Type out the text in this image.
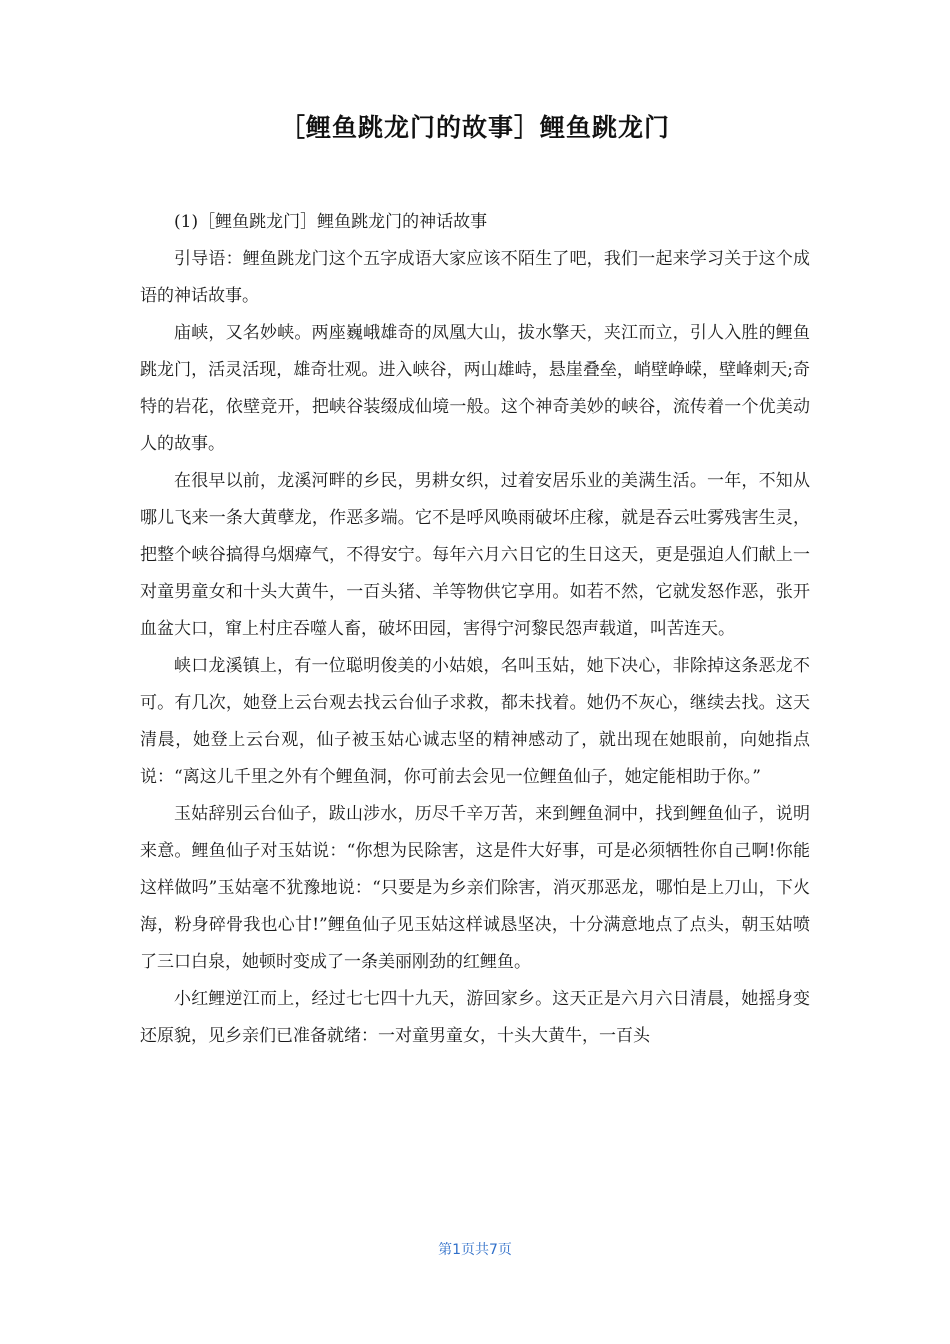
［鲤鱼跳龙门的故事］鲤鱼跳龙门

(1)［鲤鱼跳龙门］鲤鱼跳龙门的神话故事

引导语：鲤鱼跳龙门这个五字成语大家应该不陌生了吧，我们一起来学习关于这个成语的神话故事。

庙峡，又名妙峡。两座巍峨雄奇的凤凰大山，拔水擎天，夹江而立，引人入胜的鲤鱼跳龙门，活灵活现，雄奇壮观。进入峡谷，两山雄峙，悬崖叠垒，峭壁峥嵘，壁峰刺天;奇特的岩花，依壁竞开，把峡谷装缀成仙境一般。这个神奇美妙的峡谷，流传着一个优美动人的故事。

在很早以前，龙溪河畔的乡民，男耕女织，过着安居乐业的美满生活。一年，不知从哪儿飞来一条大黄孽龙，作恶多端。它不是呼风唤雨破坏庄稼，就是吞云吐雾残害生灵，把整个峡谷搞得乌烟瘴气，不得安宁。每年六月六日它的生日这天，更是强迫人们献上一对童男童女和十头大黄牛，一百头猪、羊等物供它享用。如若不然，它就发怒作恶，张开血盆大口，窜上村庄吞噬人畜，破坏田园，害得宁河黎民怨声载道，叫苦连天。

峡口龙溪镇上，有一位聪明俊美的小姑娘，名叫玉姑，她下决心，非除掉这条恶龙不可。有几次，她登上云台观去找云台仙子求救，都未找着。她仍不灰心，继续去找。这天清晨，她登上云台观，仙子被玉姑心诚志坚的精神感动了，就出现在她眼前，向她指点说：“离这儿千里之外有个鲤鱼洞，你可前去会见一位鲤鱼仙子，她定能相助于你。”

玉姑辞别云台仙子，跋山涉水，历尽千辛万苦，来到鲤鱼洞中，找到鲤鱼仙子，说明来意。鲤鱼仙子对玉姑说：“你想为民除害，这是件大好事，可是必须牺牲你自己啊!你能这样做吗”玉姑毫不犹豫地说：“只要是为乡亲们除害，消灭那恶龙，哪怕是上刀山，下火海，粉身碎骨我也心甘!”鲤鱼仙子见玉姑这样诚恳坚决，十分满意地点了点头，朝玉姑喷了三口白泉，她顿时变成了一条美丽刚劲的红鲤鱼。

小红鲤逆江而上，经过七七四十九天，游回家乡。这天正是六月六日清晨，她摇身变还原貌，见乡亲们已准备就绪：一对童男童女，十头大黄牛，一百头

第1页共7页
